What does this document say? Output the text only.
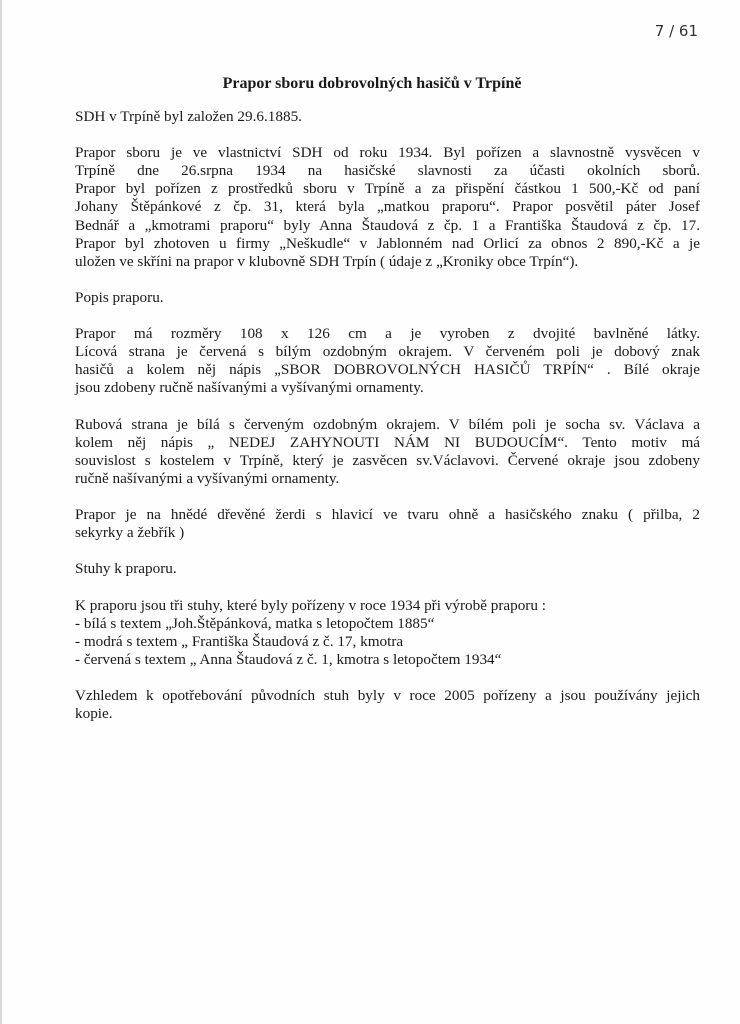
7 / 61
Prapor sboru dobrovolných hasičů v Trpíně

SDH v Trpíně byl založen 29.6.1885.

Prapor sboru je ve vlastnictví SDH od roku 1934. Byl pořízen a slavnostně vysvěcen v
Trpíně dne 26.srpna 1934 na hasičské slavnosti za účasti okolních sborů.
Prapor byl pořízen z prostředků sboru v Trpíně a za přispění částkou 1 500,-Kč od paní
Johany Štěpánkové z čp. 31, která byla „matkou praporu“. Prapor posvětil páter Josef
Bednář a „kmotrami praporu“ byly Anna Štaudová z čp. 1 a Františka Štaudová z čp. 17.
Prapor byl zhotoven u firmy „Neškudle“ v Jablonném nad Orlicí za obnos 2 890,-Kč a je
uložen ve skříni na prapor v klubovně SDH Trpín ( údaje z „Kroniky obce Trpín“).

Popis praporu.

Prapor má rozměry 108 x 126 cm a je vyroben z dvojité bavlněné látky.
Lícová strana je červená s bílým ozdobným okrajem. V červeném poli je dobový znak
hasičů a kolem něj nápis „SBOR DOBROVOLNÝCH HASIČŮ TRPÍN“ . Bílé okraje
jsou zdobeny ručně našívanými a vyšívanými ornamenty.

Rubová strana je bílá s červeným ozdobným okrajem. V bílém poli je socha sv. Václava a
kolem něj nápis „ NEDEJ ZAHYNOUTI NÁM NI BUDOUCÍM“. Tento motiv má
souvislost s kostelem v Trpíně, který je zasvěcen sv.Václavovi. Červené okraje jsou zdobeny
ručně našívanými a vyšívanými ornamenty.

Prapor je na hnědé dřevěné žerdi s hlavicí ve tvaru ohně a hasičského znaku ( přilba, 2
sekyrky a žebřík )

Stuhy k praporu.

K praporu jsou tři stuhy, které byly pořízeny v roce 1934 při výrobě praporu :
- bílá s textem „Joh.Štěpánková, matka s letopočtem 1885“
- modrá s textem „ Františka Štaudová z č. 17, kmotra
- červená s textem „ Anna Štaudová z č. 1, kmotra s letopočtem 1934“

Vzhledem k opotřebování původních stuh byly v roce 2005 pořízeny a jsou používány jejich
kopie.
